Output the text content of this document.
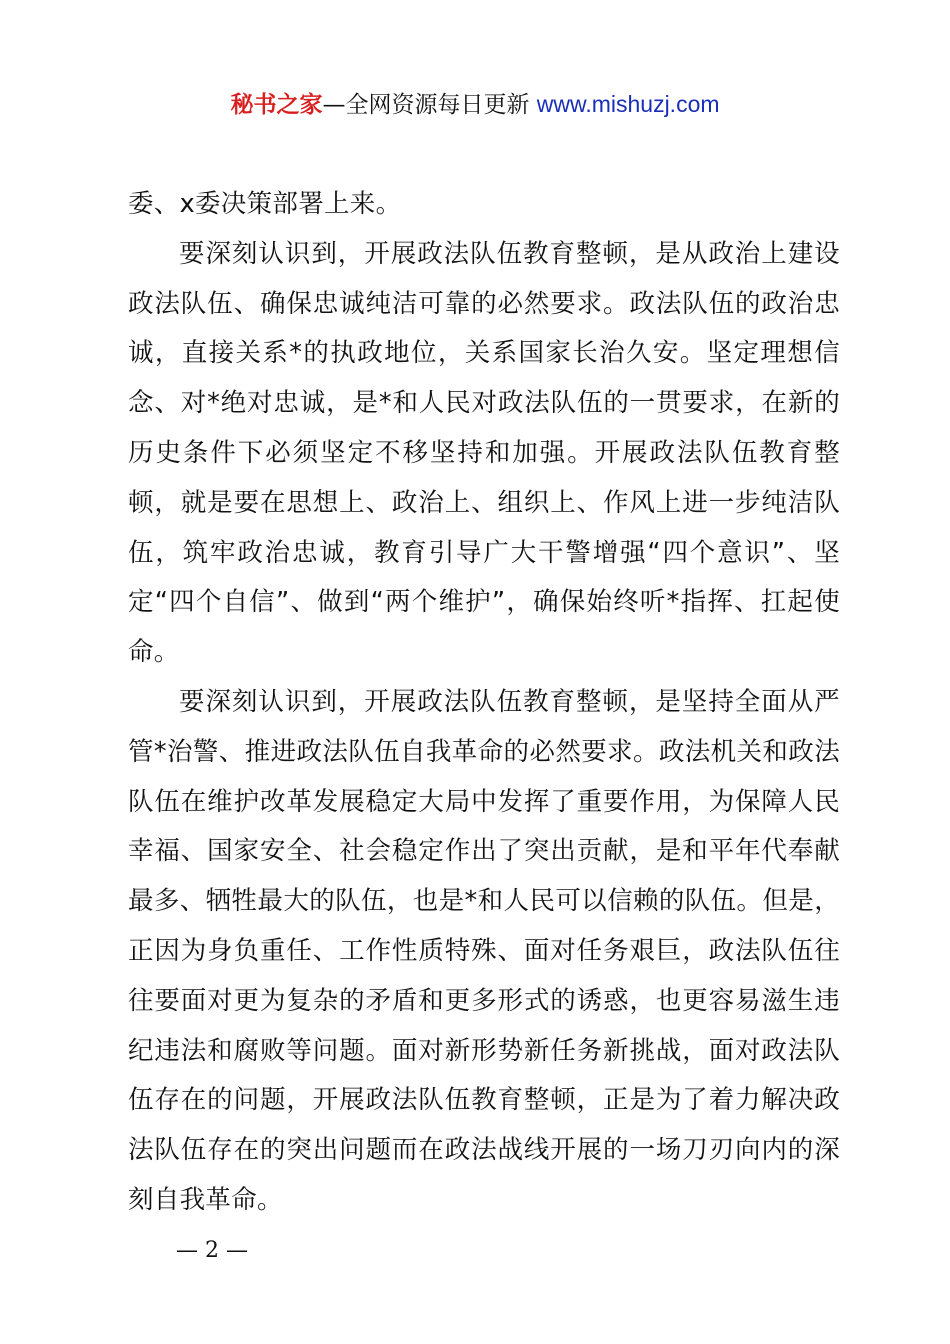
秘书之家—全网资源每日更新 www.mishuzj.com

委、x委决策部署上来。

要深刻认识到，开展政法队伍教育整顿，是从政治上建设政法队伍、确保忠诚纯洁可靠的必然要求。政法队伍的政治忠诚，直接关系*的执政地位，关系国家长治久安。坚定理想信念、对*绝对忠诚，是*和人民对政法队伍的一贯要求，在新的历史条件下必须坚定不移坚持和加强。开展政法队伍教育整顿，就是要在思想上、政治上、组织上、作风上进一步纯洁队伍，筑牢政治忠诚，教育引导广大干警增强“四个意识”、坚定“四个自信”、做到“两个维护”，确保始终听*指挥、扛起使命。

要深刻认识到，开展政法队伍教育整顿，是坚持全面从严管*治警、推进政法队伍自我革命的必然要求。政法机关和政法队伍在维护改革发展稳定大局中发挥了重要作用，为保障人民幸福、国家安全、社会稳定作出了突出贡献，是和平年代奉献最多、牺牲最大的队伍，也是*和人民可以信赖的队伍。但是，正因为身负重任、工作性质特殊、面对任务艰巨，政法队伍往往要面对更为复杂的矛盾和更多形式的诱惑，也更容易滋生违纪违法和腐败等问题。面对新形势新任务新挑战，面对政法队伍存在的问题，开展政法队伍教育整顿，正是为了着力解决政法队伍存在的突出问题而在政法战线开展的一场刀刃向内的深刻自我革命。

— 2 —
